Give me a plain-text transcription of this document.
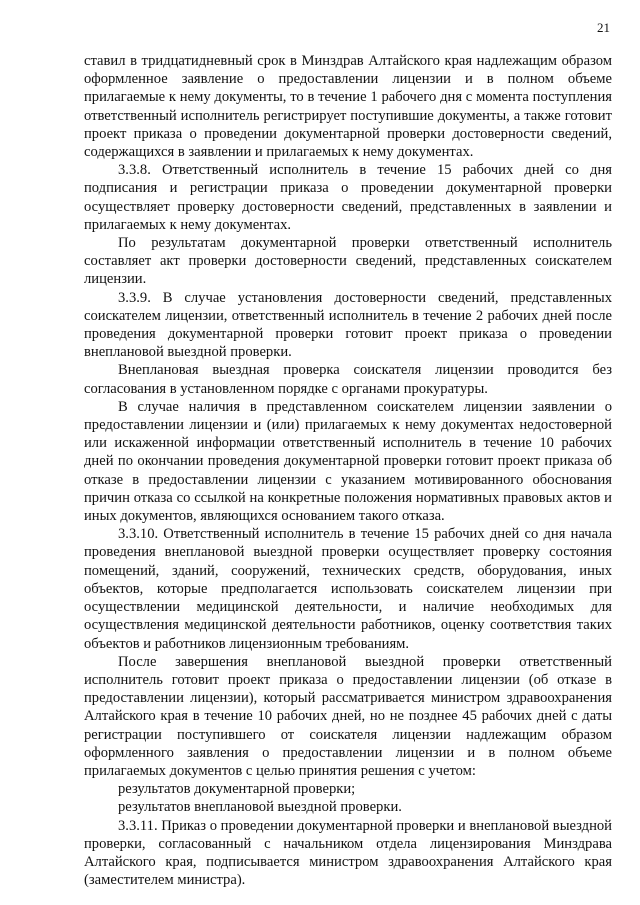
21

ставил в тридцатидневный срок в Минздрав Алтайского края надлежащим образом оформленное заявление о предоставлении лицензии и в полном объеме прилагаемые к нему документы, то в течение 1 рабочего дня с момента поступления ответственный исполнитель регистрирует поступившие документы, а также готовит проект приказа о проведении документарной проверки достоверности сведений, содержащихся в заявлении и прилагаемых к нему документах.

3.3.8. Ответственный исполнитель в течение 15 рабочих дней со дня подписания и регистрации приказа о проведении документарной проверки осуществляет проверку достоверности сведений, представленных в заявлении и прилагаемых к нему документах.

По результатам документарной проверки ответственный исполнитель составляет акт проверки достоверности сведений, представленных соискателем лицензии.

3.3.9. В случае установления достоверности сведений, представленных соискателем лицензии, ответственный исполнитель в течение 2 рабочих дней после проведения документарной проверки готовит проект приказа о проведении внеплановой выездной проверки.

Внеплановая выездная проверка соискателя лицензии проводится без согласования в установленном порядке с органами прокуратуры.

В случае наличия в представленном соискателем лицензии заявлении о предоставлении лицензии и (или) прилагаемых к нему документах недостоверной или искаженной информации ответственный исполнитель в течение 10 рабочих дней по окончании проведения документарной проверки готовит проект приказа об отказе в предоставлении лицензии с указанием мотивированного обоснования причин отказа со ссылкой на конкретные положения нормативных правовых актов и иных документов, являющихся основанием такого отказа.

3.3.10. Ответственный исполнитель в течение 15 рабочих дней со дня начала проведения внеплановой выездной проверки осуществляет проверку состояния помещений, зданий, сооружений, технических средств, оборудования, иных объектов, которые предполагается использовать соискателем лицензии при осуществлении медицинской деятельности, и наличие необходимых для осуществления медицинской деятельности работников, оценку соответствия таких объектов и работников лицензионным требованиям.

После завершения внеплановой выездной проверки ответственный исполнитель готовит проект приказа о предоставлении лицензии (об отказе в предоставлении лицензии), который рассматривается министром здравоохранения Алтайского края в течение 10 рабочих дней, но не позднее 45 рабочих дней с даты регистрации поступившего от соискателя лицензии надлежащим образом оформленного заявления о предоставлении лицензии и в полном объеме прилагаемых документов с целью принятия решения с учетом:

результатов документарной проверки;

результатов внеплановой выездной проверки.

3.3.11. Приказ о проведении документарной проверки и внеплановой выездной проверки, согласованный с начальником отдела лицензирования Минздрава Алтайского края, подписывается министром здравоохранения Алтайского края (заместителем министра).
